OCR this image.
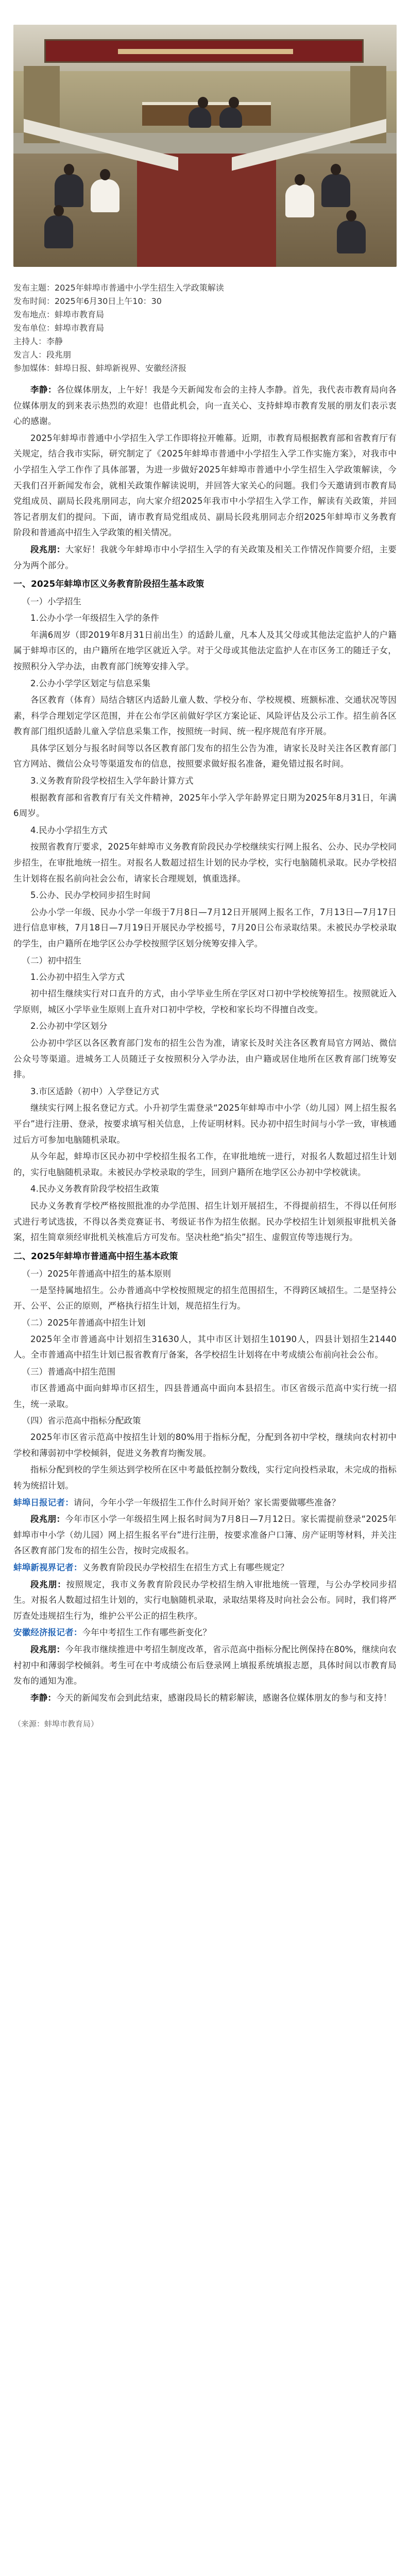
发布主题：2025年蚌埠市普通中小学生招生入学政策解读
发布时间：2025年6月30日上午10：30
发布地点：蚌埠市教育局
发布单位：蚌埠市教育局
主持人：李静
发言人：段兆朋
参加媒体：蚌埠日报、蚌埠新视界、安徽经济报

李静：各位媒体朋友，上午好！我是今天新闻发布会的主持人李静。首先，我代表市教育局向各位媒体朋友的到来表示热烈的欢迎！也借此机会，向一直关心、支持蚌埠市教育发展的朋友们表示衷心的感谢。

2025年蚌埠市普通中小学招生入学工作即将拉开帷幕。近期，市教育局根据教育部和省教育厅有关规定，结合我市实际，研究制定了《2025年蚌埠市普通中小学招生入学工作实施方案》，对我市中小学招生入学工作作了具体部署，为进一步做好2025年蚌埠市普通中小学生招生入学政策解读，今天我们召开新闻发布会，就相关政策作解读说明，并回答大家关心的问题。我们今天邀请到市教育局党组成员、副局长段兆朋同志，向大家介绍2025年我市中小学招生入学工作，解读有关政策，并回答记者朋友们的提问。下面，请市教育局党组成员、副局长段兆朋同志介绍2025年蚌埠市义务教育阶段和普通高中招生入学政策的相关情况。

段兆朋：大家好！我就今年蚌埠市中小学招生入学的有关政策及相关工作情况作简要介绍，主要分为两个部分。

一、2025年蚌埠市区义务教育阶段招生基本政策
（一）小学招生

1.公办小学一年级招生入学的条件

年满6周岁（即2019年8月31日前出生）的适龄儿童，凡本人及其父母或其他法定监护人的户籍属于蚌埠市区的，由户籍所在地学区就近入学。对于父母或其他法定监护人在市区务工的随迁子女，按照积分入学办法，由教育部门统筹安排入学。

2.公办小学学区划定与信息采集

各区教育（体育）局结合辖区内适龄儿童人数、学校分布、学校规模、班额标准、交通状况等因素，科学合理划定学区范围，并在公布学区前做好学区方案论证、风险评估及公示工作。招生前各区教育部门组织适龄儿童入学信息采集工作，按照统一时间、统一程序规范有序开展。

具体学区划分与报名时间等以各区教育部门发布的招生公告为准，请家长及时关注各区教育部门官方网站、微信公众号等渠道发布的信息，按照要求做好报名准备，避免错过报名时间。

3.义务教育阶段学校招生入学年龄计算方式

根据教育部和省教育厅有关文件精神，2025年小学入学年龄界定日期为2025年8月31日，年满6周岁。

4.民办小学招生方式

按照省教育厅要求，2025年蚌埠市义务教育阶段民办学校继续实行网上报名、公办、民办学校同步招生，在审批地统一招生。对报名人数超过招生计划的民办学校，实行电脑随机录取。民办学校招生计划将在报名前向社会公布，请家长合理规划，慎重选择。

5.公办、民办学校同步招生时间

公办小学一年级、民办小学一年级于7月8日—7月12日开展网上报名工作，7月13日—7月17日进行信息审核，7月18日—7月19日开展民办学校摇号，7月20日公布录取结果。未被民办学校录取的学生，由户籍所在地学区公办学校按照学区划分统筹安排入学。

（二）初中招生

1.公办初中招生入学方式

初中招生继续实行对口直升的方式，由小学毕业生所在学区对口初中学校统筹招生。按照就近入学原则，城区小学毕业生原则上直升对口初中学校，学校和家长均不得擅自改变。

2.公办初中学区划分

公办初中学区以各区教育部门发布的招生公告为准，请家长及时关注各区教育局官方网站、微信公众号等渠道。进城务工人员随迁子女按照积分入学办法，由户籍或居住地所在区教育部门统筹安排。

3.市区适龄（初中）入学登记方式

继续实行网上报名登记方式。小升初学生需登录“2025年蚌埠市中小学（幼儿园）网上招生报名平台”进行注册、登录，按要求填写相关信息，上传证明材料。民办初中招生时间与小学一致，审核通过后方可参加电脑随机录取。

从今年起，蚌埠市区民办初中学校招生报名工作，在审批地统一进行，对报名人数超过招生计划的，实行电脑随机录取。未被民办学校录取的学生，回到户籍所在地学区公办初中学校就读。

4.民办义务教育阶段学校招生政策

民办义务教育学校严格按照批准的办学范围、招生计划开展招生，不得提前招生，不得以任何形式进行考试选拔，不得以各类竞赛证书、考级证书作为招生依据。民办学校招生计划须报审批机关备案，招生简章须经审批机关核准后方可发布。坚决杜绝“掐尖”招生、虚假宣传等违规行为。

二、2025年蚌埠市普通高中招生基本政策
（一）2025年普通高中招生的基本原则

一是坚持属地招生。公办普通高中学校按照规定的招生范围招生，不得跨区域招生。二是坚持公开、公平、公正的原则，严格执行招生计划，规范招生行为。

（二）2025年普通高中招生计划

2025年全市普通高中计划招生31630人，其中市区计划招生10190人，四县计划招生21440人。全市普通高中招生计划已报省教育厅备案，各学校招生计划将在中考成绩公布前向社会公布。

（三）普通高中招生范围

市区普通高中面向蚌埠市区招生，四县普通高中面向本县招生。市区省级示范高中实行统一招生，统一录取。

（四）省示范高中指标分配政策

2025年市区省示范高中按招生计划的80%用于指标分配，分配到各初中学校，继续向农村初中学校和薄弱初中学校倾斜，促进义务教育均衡发展。

指标分配到校的学生须达到学校所在区中考最低控制分数线，实行定向投档录取，未完成的指标转为统招计划。

蚌埠日报记者：请问，今年小学一年级招生工作什么时间开始？家长需要做哪些准备？

段兆朋：今年市区小学一年级招生网上报名时间为7月8日—7月12日。家长需提前登录“2025年蚌埠市中小学（幼儿园）网上招生报名平台”进行注册，按要求准备户口簿、房产证明等材料，并关注各区教育部门发布的招生公告，按时完成报名。

蚌埠新视界记者：义务教育阶段民办学校招生在招生方式上有哪些规定？

段兆朋：按照规定，我市义务教育阶段民办学校招生纳入审批地统一管理，与公办学校同步招生。对报名人数超过招生计划的，实行电脑随机录取，录取结果将及时向社会公布。同时，我们将严厉查处违规招生行为，维护公平公正的招生秩序。

安徽经济报记者：今年中考招生工作有哪些新变化？

段兆朋：今年我市继续推进中考招生制度改革，省示范高中指标分配比例保持在80%，继续向农村初中和薄弱学校倾斜。考生可在中考成绩公布后登录网上填报系统填报志愿，具体时间以市教育局发布的通知为准。

李静：今天的新闻发布会到此结束，感谢段局长的精彩解读，感谢各位媒体朋友的参与和支持！

（来源：蚌埠市教育局）
